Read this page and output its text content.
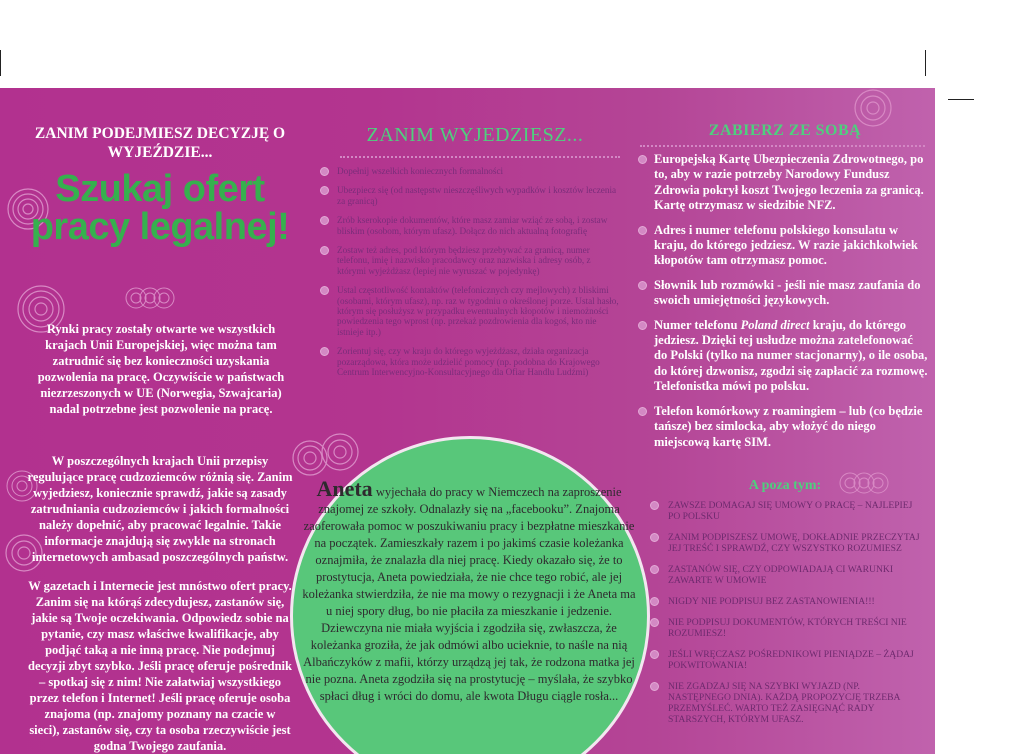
ZANIM PODEJMIESZ DECYZJĘ O WYJEŹDZIE...
Szukaj ofert pracy legalnej!
Rynki pracy zostały otwarte we wszystkich krajach Unii Europejskiej, więc można tam zatrudnić się bez konieczności uzyskania pozwolenia na pracę. Oczywiście w państwach niezrzeszonych w UE (Norwegia, Szwajcaria) nadal potrzebne jest pozwolenie na pracę.
W poszczególnych krajach Unii przepisy regulujące pracę cudzoziemców różnią się. Zanim wyjedziesz, koniecznie sprawdź, jakie są zasady zatrudniania cudzoziemców i jakich formalności należy dopełnić, aby pracować legalnie. Takie informacje znajdują się zwykle na stronach internetowych ambasad poszczególnych państw.
W gazetach i Internecie jest mnóstwo ofert pracy. Zanim się na którąś zdecydujesz, zastanów się, jakie są Twoje oczekiwania. Odpowiedz sobie na pytanie, czy masz właściwe kwalifikacje, aby podjąć taką a nie inną pracę. Nie podejmuj decyzji zbyt szybko. Jeśli pracę oferuje pośrednik – spotkaj się z nim! Nie załatwiaj wszystkiego przez telefon i Internet! Jeśli pracę oferuje osoba znajoma (np. znajomy poznany na czacie w sieci), zastanów się, czy ta osoba rzeczywiście jest godna Twojego zaufania.
ZANIM WYJEDZIESZ...
Dopełnij wszelkich koniecznych formalności
Ubezpiecz się (od następstw nieszczęśliwych wypadków i kosztów leczenia za granicą)
Zrób kserokopie dokumentów, które masz zamiar wziąć ze sobą, i zostaw bliskim (osobom, którym ufasz). Dołącz do nich aktualną fotografię
Zostaw też adres, pod którym będziesz przebywać za granicą, numer telefonu, imię i nazwisko pracodawcy oraz nazwiska i adresy osób, z którymi wyjeżdżasz (lepiej nie wyruszać w pojedynkę)
Ustal częstotliwość kontaktów (telefonicznych czy mejlowych) z bliskimi (osobami, którym ufasz), np. raz w tygodniu o określonej porze. Ustal hasło, którym się posłużysz w przypadku ewentualnych kłopotów i niemożności powiedzenia tego wprost (np. przekaż pozdrowienia dla kogoś, kto nie istnieje itp.)
Zorientuj się, czy w kraju do którego wyjeżdżasz, działa organizacja pozarządowa, która może udzielić pomocy (np. podobna do Krajowego Centrum Interwencyjno-Konsultacyjnego dla Ofiar Handlu Ludźmi)
Aneta wyjechała do pracy w Niemczech na zaproszenie znajomej ze szkoły. Odnalazły się na „facebooku”. Znajoma zaoferowała pomoc w poszukiwaniu pracy i bezpłatne mieszkanie na początek. Zamieszkały razem i po jakimś czasie koleżanka oznajmiła, że znalazła dla niej pracę. Kiedy okazało się, że to prostytucja, Aneta powiedziała, że nie chce tego robić, ale jej koleżanka stwierdziła, że nie ma mowy o rezygnacji i że Aneta ma u niej spory dług, bo nie płaciła za mieszkanie i jedzenie. Dziewczyna nie miała wyjścia i zgodziła się, zwłaszcza, że koleżanka groziła, że jak odmówi albo ucieknie, to naśle na nią Albańczyków z mafii, którzy urządzą jej tak, że rodzona matka jej nie pozna. Aneta zgodziła się na prostytucję – myślała, że szybko spłaci dług i wróci do domu, ale kwota Długu ciągle rosła...
ZABIERZ ZE SOBĄ
Europejską Kartę Ubezpieczenia Zdrowotnego, po to, aby w razie potrzeby Narodowy Fundusz Zdrowia pokrył koszt Twojego leczenia za granicą. Kartę otrzymasz w siedzibie NFZ.
Adres i numer telefonu polskiego konsulatu w kraju, do którego jedziesz. W razie jakichkolwiek kłopotów tam otrzymasz pomoc.
Słownik lub rozmówki - jeśli nie masz zaufania do swoich umiejętności językowych.
Numer telefonu Poland direct kraju, do którego jedziesz. Dzięki tej usłudze można zatelefonować do Polski (tylko na numer stacjonarny), o ile osoba, do której dzwonisz, zgodzi się zapłacić za rozmowę. Telefonistka mówi po polsku.
Telefon komórkowy z roamingiem – lub (co będzie tańsze) bez simlocka, aby włożyć do niego miejscową kartę SIM.
A poza tym:
ZAWSZE DOMAGAJ SIĘ UMOWY O PRACĘ – NAJLEPIEJ PO POLSKU
ZANIM PODPISZESZ UMOWĘ, DOKŁADNIE PRZECZYTAJ JEJ TREŚĆ I SPRAWDŹ, CZY WSZYSTKO ROZUMIESZ
ZASTANÓW SIĘ, CZY ODPOWIADAJĄ CI WARUNKI ZAWARTE W UMOWIE
NIGDY NIE PODPISUJ BEZ ZASTANOWIENIA!!!
NIE PODPISUJ DOKUMENTÓW, KTÓRYCH TREŚCI NIE ROZUMIESZ!
JEŚLI WRĘCZASZ POŚREDNIKOWI PIENIĄDZE – ŻĄDAJ POKWITOWANIA!
NIE ZGADZAJ SIĘ NA SZYBKI WYJAZD (NP. NASTĘPNEGO DNIA). KAŻDĄ PROPOZYCJĘ TRZEBA PRZEMYŚLEĆ. WARTO TEŻ ZASIĘGNĄĆ RADY STARSZYCH, KTÓRYM UFASZ.
